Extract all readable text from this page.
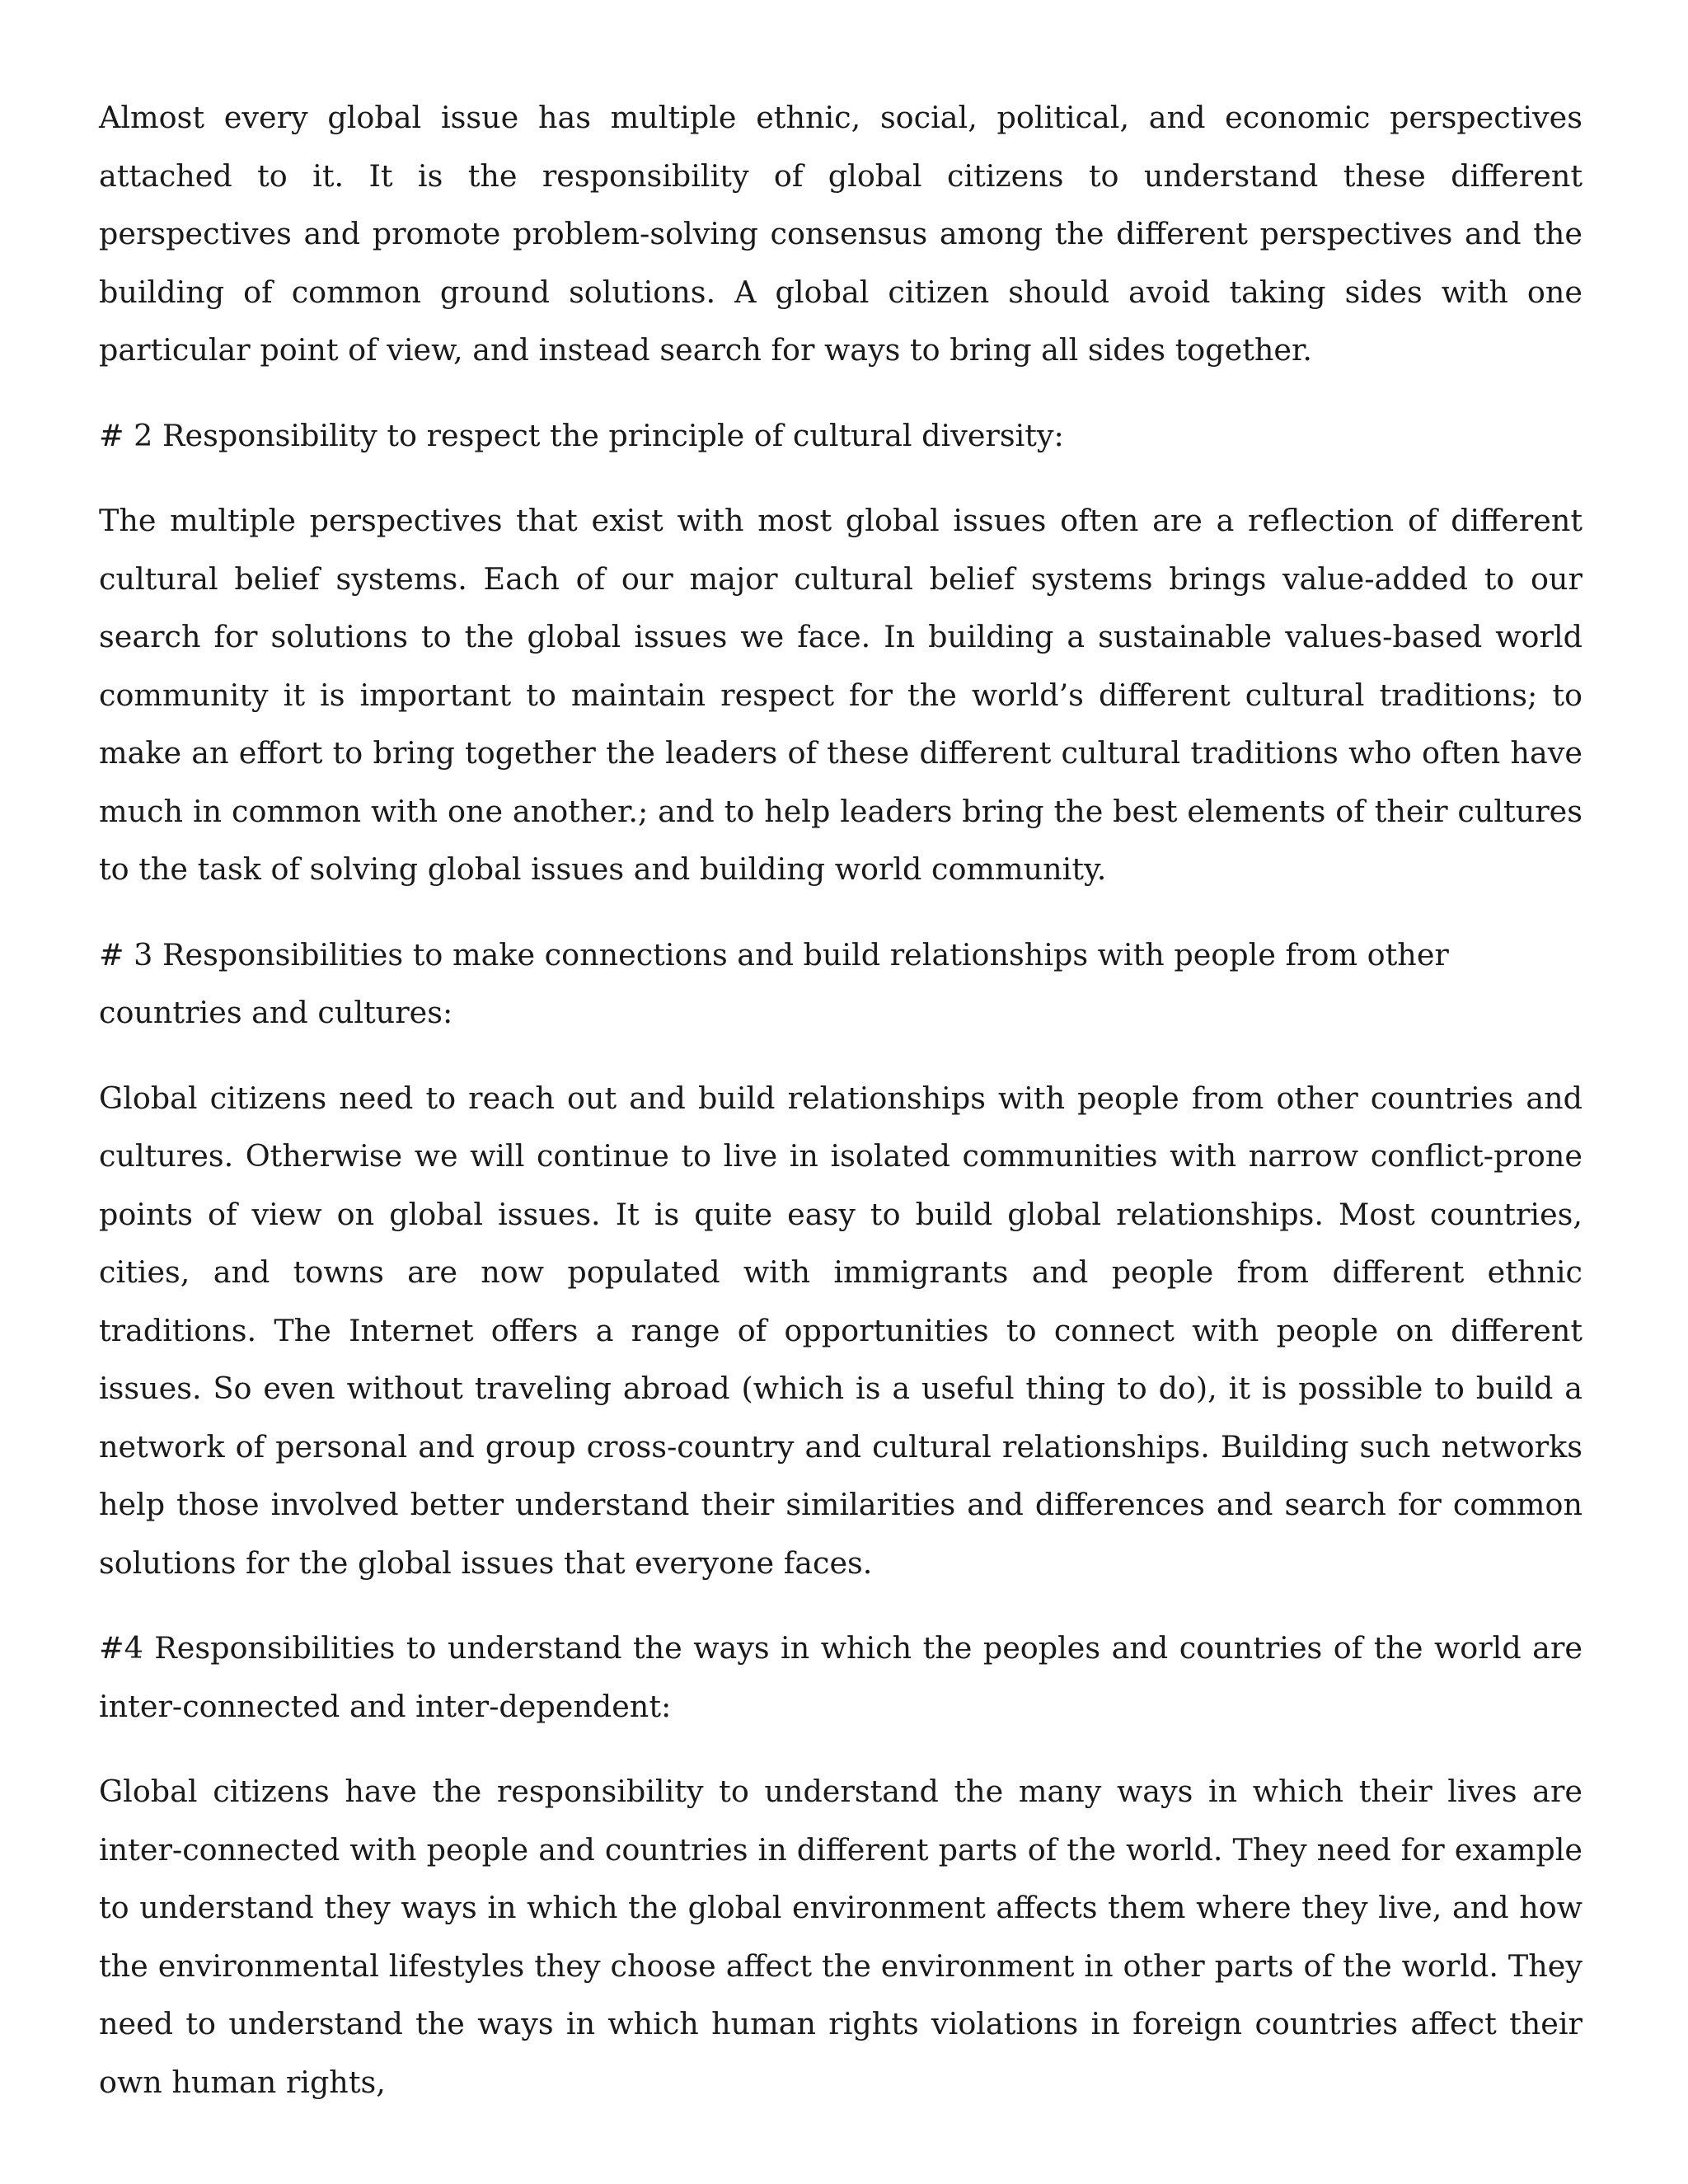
Almost every global issue has multiple ethnic, social, political, and economic perspectives attached to it. It is the responsibility of global citizens to understand these different perspectives and promote problem-solving consensus among the different perspectives and the building of common ground solutions. A global citizen should avoid taking sides with one particular point of view, and instead search for ways to bring all sides together.

# 2 Responsibility to respect the principle of cultural diversity:

The multiple perspectives that exist with most global issues often are a reflection of different cultural belief systems. Each of our major cultural belief systems brings value-added to our search for solutions to the global issues we face. In building a sustainable values-based world community it is important to maintain respect for the world’s different cultural traditions; to make an effort to bring together the leaders of these different cultural traditions who often have much in common with one another.; and to help leaders bring the best elements of their cultures to the task of solving global issues and building world community.

# 3 Responsibilities to make connections and build relationships with people from other countries and cultures:

Global citizens need to reach out and build relationships with people from other countries and cultures. Otherwise we will continue to live in isolated communities with narrow conflict-prone points of view on global issues. It is quite easy to build global relationships. Most countries, cities, and towns are now populated with immigrants and people from different ethnic traditions. The Internet offers a range of opportunities to connect with people on different issues. So even without traveling abroad (which is a useful thing to do), it is possible to build a network of personal and group cross-country and cultural relationships. Building such networks help those involved better understand their similarities and differences and search for common solutions for the global issues that everyone faces.

#4 Responsibilities to understand the ways in which the peoples and countries of the world are inter-connected and inter-dependent:

Global citizens have the responsibility to understand the many ways in which their lives are inter-connected with people and countries in different parts of the world. They need for example to understand they ways in which the global environment affects them where they live, and how the environmental lifestyles they choose affect the environment in other parts of the world. They need to understand the ways in which human rights violations in foreign countries affect their own human rights,
